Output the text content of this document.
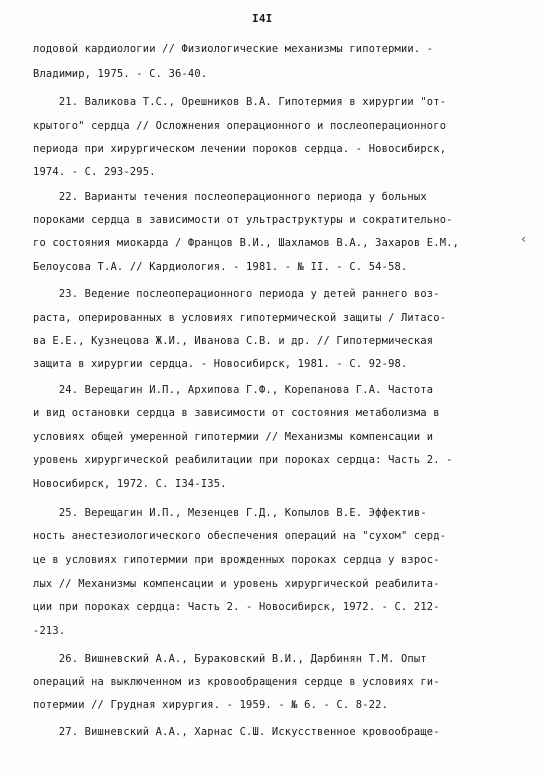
I4I
лодовой кардиологии // Физиологические механизмы гипотермии. -
Владимир, 1975. - С. 36-40.
21. Валикова Т.С., Орешников В.А. Гипотермия в хирургии "от-
крытого" сердца // Осложнения операционного и послеоперационного
периода при хирургическом лечении пороков сердца. - Новосибирск,
1974. - С. 293-295.
22. Варианты течения послеоперационного периода у больных
пороками сердца в зависимости от ультраструктуры и сократительно-
го состояния миокарда / Францов В.И., Шахламов В.А., Захаров Е.М.,
Белоусова Т.А. // Кардиология. - 1981. - № II. - С. 54-58.
23. Ведение послеоперационного периода у детей раннего воз-
раста, оперированных в условиях гипотермической защиты / Литасо-
ва Е.Е., Кузнецова Ж.И., Иванова С.В. и др. // Гипотермическая
защита в хирургии сердца. - Новосибирск, 1981. - С. 92-98.
24. Верещагин И.П., Архипова Г.Ф., Корепанова Г.А. Частота
и вид остановки сердца в зависимости от состояния метаболизма в
условиях общей умеренной гипотермии // Механизмы компенсации и
уровень хирургической реабилитации при пороках сердца: Часть 2. -
Новосибирск, 1972. С. I34-I35.
25. Верещагин И.П., Мезенцев Г.Д., Копылов В.Е. Эффектив-
ность анестезиологического обеспечения операций на "сухом" серд-
це в условиях гипотермии при врожденных пороках сердца у взрос-
лых // Механизмы компенсации и уровень хирургической реабилита-
ции при пороках сердца: Часть 2. - Новосибирск, 1972. - С. 212-
-213.
26. Вишневский А.А., Бураковский В.И., Дарбинян Т.М. Опыт
операций на выключенном из кровообращения сердце в условиях ги-
потермии // Грудная хирургия. - 1959. - № 6. - С. 8-22.
27. Вишневский А.А., Харнас С.Ш. Искусственное кровообраще-
‹
